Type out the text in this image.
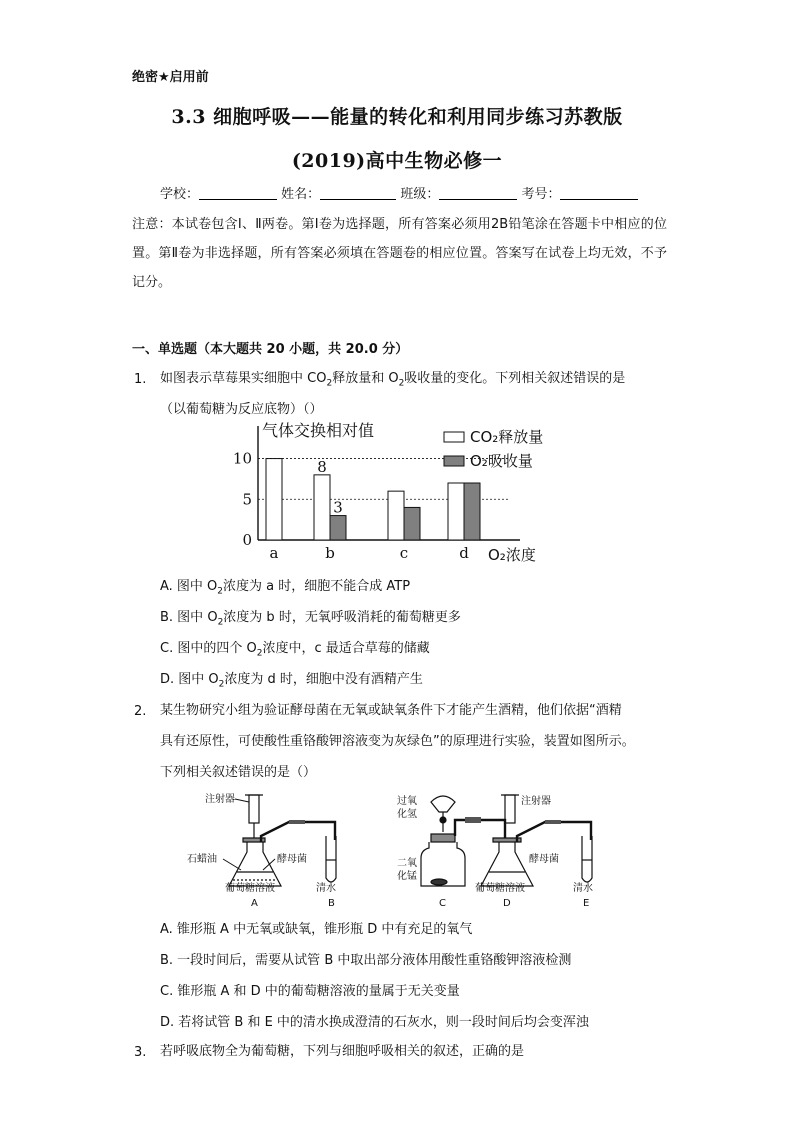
绝密★启用前
3.3 细胞呼吸——能量的转化和利用同步练习苏教版
(2019)高中生物必修一
学校：	姓名：	班级：	考号：
注意：本试卷包含Ⅰ、Ⅱ两卷。第Ⅰ卷为选择题，所有答案必须用2B铅笔涂在答题卡中相应的位置。第Ⅱ卷为非选择题，所有答案必须填在答题卷的相应位置。答案写在试卷上均无效，不予记分。
一、单选题（本大题共 20 小题，共 20.0 分）
1. 如图表示草莓果实细胞中 $CO_2$释放量和 $O_2$吸收量的变化。下列相关叙述错误的是
（以葡萄糖为反应底物）（）
气体交换相对值
0
5
10
a	b	c	d
8
3
CO₂释放量
O₂吸收量
O₂浓度
A. 图中 $O_2$浓度为 a 时，细胞不能合成 ATP
B. 图中 $O_2$浓度为 b 时，无氧呼吸消耗的葡萄糖更多
C. 图中的四个 $O_2$浓度中，c 最适合草莓的储藏
D. 图中 $O_2$浓度为 d 时，细胞中没有酒精产生
2. 某生物研究小组为验证酵母菌在无氧或缺氧条件下才能产生酒精，他们依据“酒精
具有还原性，可使酸性重铬酸钾溶液变为灰绿色”的原理进行实验，装置如图所示。
下列相关叙述错误的是（）
注射器
石蜡油	酵母菌
葡萄糖溶液	清水
A	B
过氧
化氢
二氧
化锰
注射器
酵母菌
葡萄糖溶液	清水
C	D	E
A. 锥形瓶 A 中无氧或缺氧，锥形瓶 D 中有充足的氧气
B. 一段时间后，需要从试管 B 中取出部分液体用酸性重铬酸钾溶液检测
C. 锥形瓶 A 和 D 中的葡萄糖溶液的量属于无关变量
D. 若将试管 B 和 E 中的清水换成澄清的石灰水，则一段时间后均会变浑浊
3. 若呼吸底物全为葡萄糖，下列与细胞呼吸相关的叙述，正确的是
